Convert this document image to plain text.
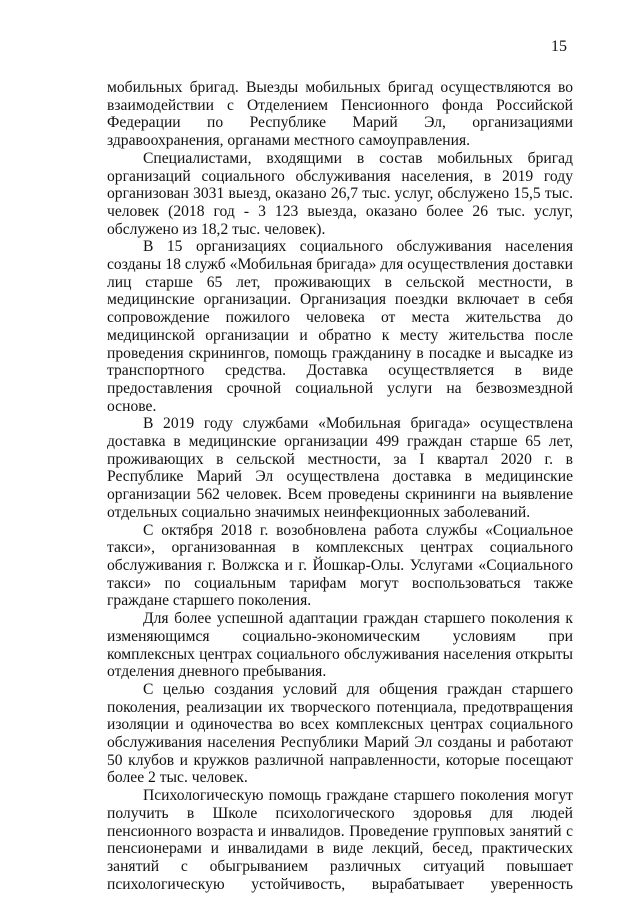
15

мобильных бригад. Выезды мобильных бригад осуществляются во взаимодействии с Отделением Пенсионного фонда Российской Федерации по Республике Марий Эл, организациями здравоохранения, органами местного самоуправления.

Специалистами, входящими в состав мобильных бригад организаций социального обслуживания населения, в 2019 году организован 3031 выезд, оказано 26,7 тыс. услуг, обслужено 15,5 тыс. человек (2018 год - 3 123 выезда, оказано более 26 тыс. услуг, обслужено из 18,2 тыс. человек).

В 15 организациях социального обслуживания населения созданы 18 служб «Мобильная бригада» для осуществления доставки лиц старше 65 лет, проживающих в сельской местности, в медицинские организации. Организация поездки включает в себя сопровождение пожилого человека от места жительства до медицинской организации и обратно к месту жительства после проведения скринингов, помощь гражданину в посадке и высадке из транспортного средства. Доставка осуществляется в виде предоставления срочной социальной услуги на безвозмездной основе.

В 2019 году службами «Мобильная бригада» осуществлена доставка в медицинские организации 499 граждан старше 65 лет, проживающих в сельской местности, за I квартал 2020 г. в Республике Марий Эл осуществлена доставка в медицинские организации 562 человек. Всем проведены скрининги на выявление отдельных социально значимых неинфекционных заболеваний.

С октября 2018 г. возобновлена работа службы «Социальное такси», организованная в комплексных центрах социального обслуживания г. Волжска и г. Йошкар-Олы. Услугами «Социального такси» по социальным тарифам могут воспользоваться также граждане старшего поколения.

Для более успешной адаптации граждан старшего поколения к изменяющимся социально-экономическим условиям при комплексных центрах социального обслуживания населения открыты отделения дневного пребывания.

С целью создания условий для общения граждан старшего поколения, реализации их творческого потенциала, предотвращения изоляции и одиночества во всех комплексных центрах социального обслуживания населения Республики Марий Эл созданы и работают 50 клубов и кружков различной направленности, которые посещают более 2 тыс. человек.

Психологическую помощь граждане старшего поколения могут получить в Школе психологического здоровья для людей пенсионного возраста и инвалидов. Проведение групповых занятий с пенсионерами и инвалидами в виде лекций, бесед, практических занятий с обыгрыванием различных ситуаций повышает психологическую устойчивость, вырабатывает уверенность
